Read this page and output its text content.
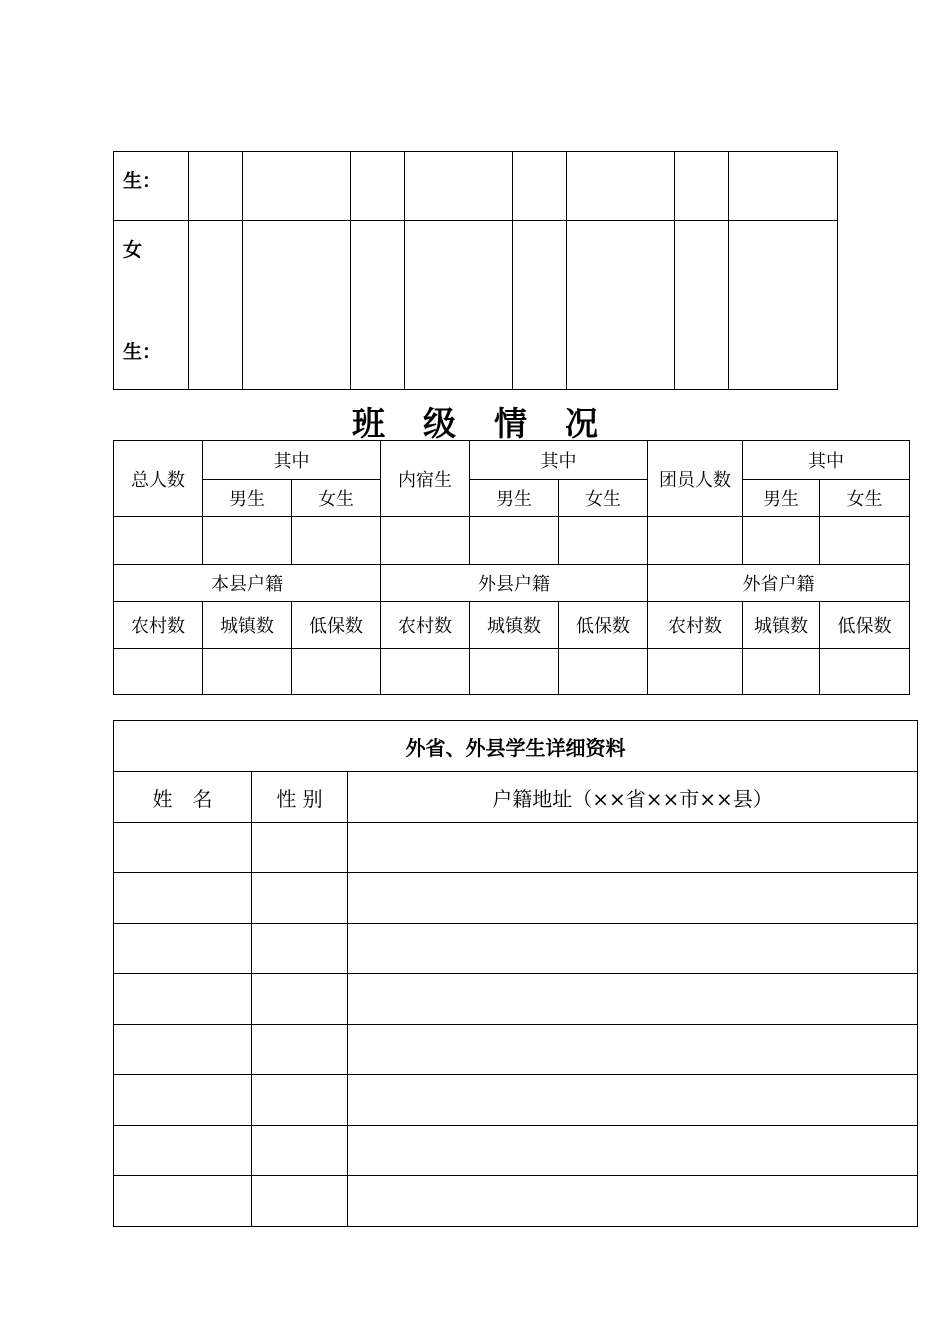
生：								

女
生：								

班 级 情 况
总人数	其中		内宿生	其中		团员人数	其中	
	男生	女生		男生	女生		男生	女生

本县户籍			外县户籍			外省户籍		
农村数	城镇数	低保数	农村数	城镇数	低保数	农村数	城镇数	低保数

外省、外县学生详细资料		
姓　名	性 别	户籍地址（××省××市××县）
